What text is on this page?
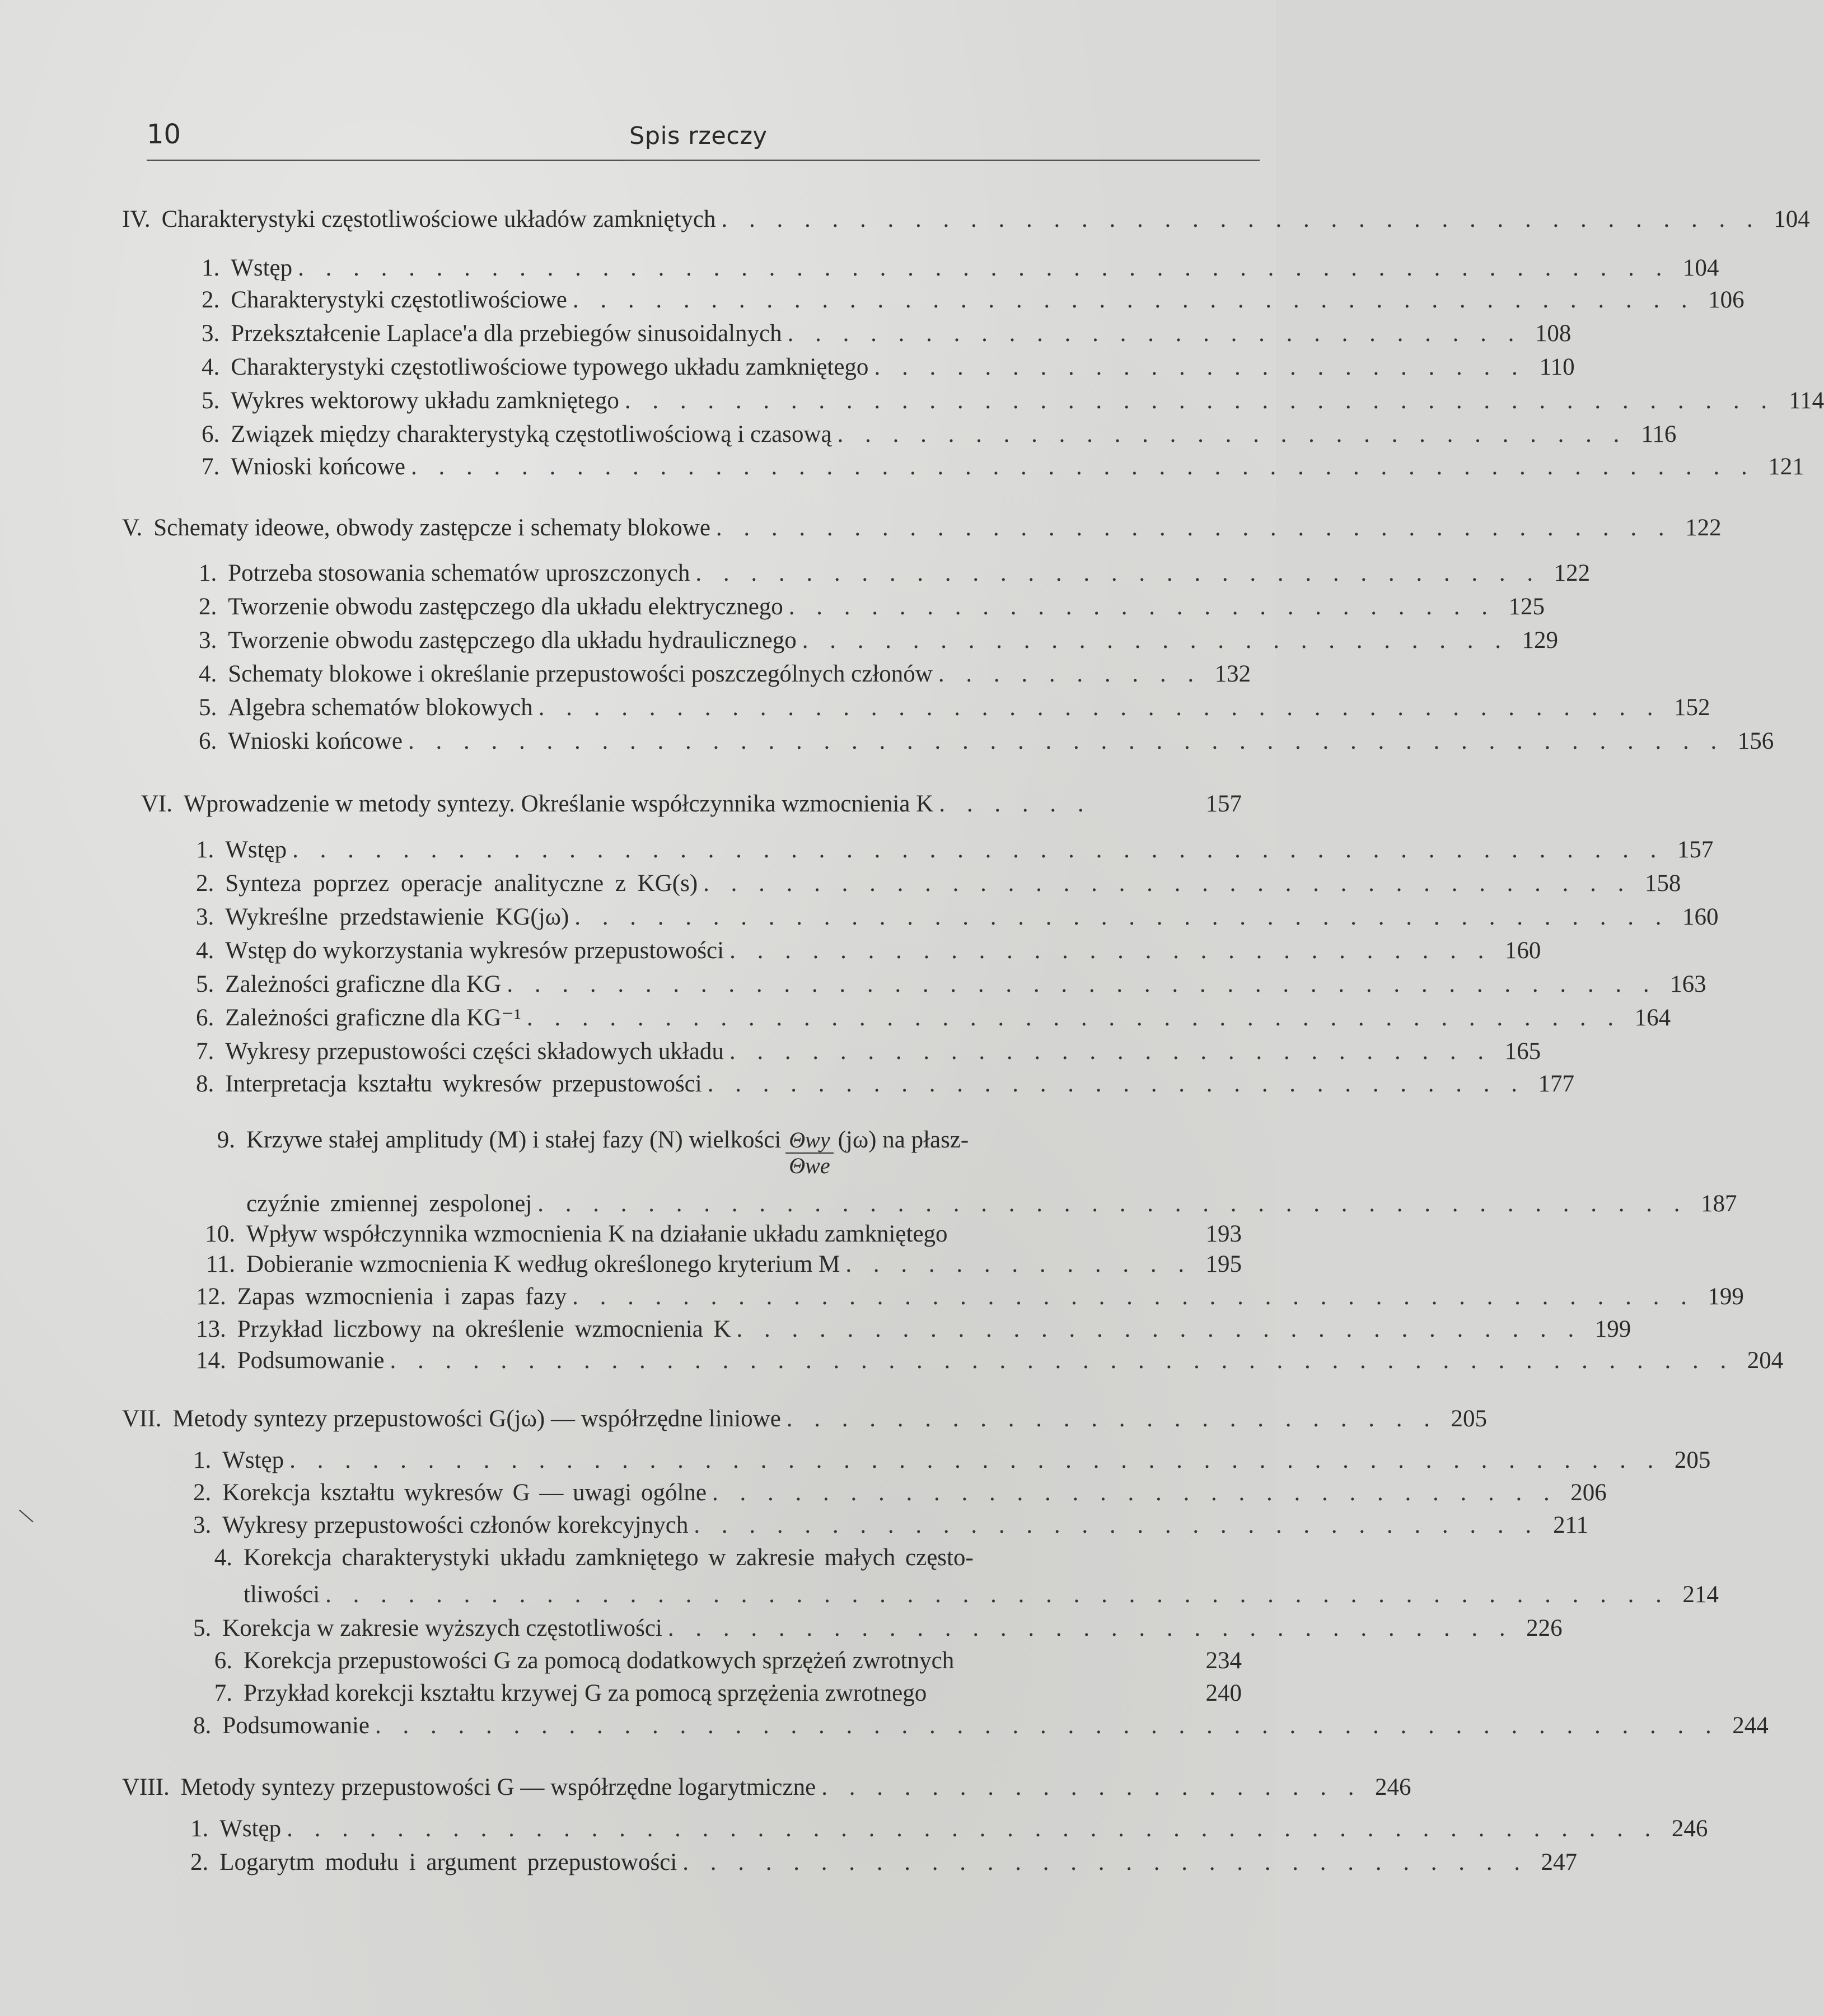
10	Spis rzeczy
IV. Charakterystyki częstotliwościowe układów zamkniętych . . . . . . . . . . . . . . . . . . . . . . . . . . . . . . . . . . . . . . 104
1. Wstęp . . . . . . . . . . . . . . . . . . . . . . . . . . . . . . . . . . . . . . . . . . . . . . . . . . 104
2. Charakterystyki częstotliwościowe . . . . . . . . . . . . . . . . . . . . . . . . . . . . . . . . . . . . . . . . . 106
3. Przekształcenie Laplace'a dla przebiegów sinusoidalnych . . . . . . . . . . . . . . . . . . . . . . . . . . . 108
4. Charakterystyki częstotliwościowe typowego układu zamkniętego . . . . . . . . . . . . . . . . . . . . . . . . 110
5. Wykres wektorowy układu zamkniętego . . . . . . . . . . . . . . . . . . . . . . . . . . . . . . . . . . . . . . . . . . 114
6. Związek między charakterystyką częstotliwościową i czasową . . . . . . . . . . . . . . . . . . . . . . . . . . . . . 116
7. Wnioski końcowe . . . . . . . . . . . . . . . . . . . . . . . . . . . . . . . . . . . . . . . . . . . . . . . . . 121
V. Schematy ideowe, obwody zastępcze i schematy blokowe . . . . . . . . . . . . . . . . . . . . . . . . . . . . . . . . . . . 122
1. Potrzeba stosowania schematów uproszczonych . . . . . . . . . . . . . . . . . . . . . . . . . . . . . . . 122
2. Tworzenie obwodu zastępczego dla układu elektrycznego . . . . . . . . . . . . . . . . . . . . . . . . . . 125
3. Tworzenie obwodu zastępczego dla układu hydraulicznego . . . . . . . . . . . . . . . . . . . . . . . . . . 129
4. Schematy blokowe i określanie przepustowości poszczególnych członów . . . . . . . . . . 132
5. Algebra schematów blokowych . . . . . . . . . . . . . . . . . . . . . . . . . . . . . . . . . . . . . . . . . 152
6. Wnioski końcowe . . . . . . . . . . . . . . . . . . . . . . . . . . . . . . . . . . . . . . . . . . . . . . . . 156
VI. Wprowadzenie w metody syntezy. Określanie współczynnika wzmocnienia K . . . . . .	157
1. Wstęp . . . . . . . . . . . . . . . . . . . . . . . . . . . . . . . . . . . . . . . . . . . . . . . . . . 157
2. Synteza poprzez operacje analityczne z KG(s) . . . . . . . . . . . . . . . . . . . . . . . . . . . . . . . . . . 158
3. Wykreślne przedstawienie KG(jω) . . . . . . . . . . . . . . . . . . . . . . . . . . . . . . . . . . . . . . . . 160
4. Wstęp do wykorzystania wykresów przepustowości . . . . . . . . . . . . . . . . . . . . . . . . . . . . 160
5. Zależności graficzne dla KG . . . . . . . . . . . . . . . . . . . . . . . . . . . . . . . . . . . . . . . . . . 163
6. Zależności graficzne dla KG⁻¹ . . . . . . . . . . . . . . . . . . . . . . . . . . . . . . . . . . . . . . . . 164
7. Wykresy przepustowości części składowych układu . . . . . . . . . . . . . . . . . . . . . . . . . . . . 165
8. Interpretacja kształtu wykresów przepustowości . . . . . . . . . . . . . . . . . . . . . . . . . . . . . . 177
9. Krzywe stałej amplitudy (M) i stałej fazy (N) wielkości $\frac{\text{Θwy}}{\text{Θwe}} (j\omega)$ na płasz-
czyźnie zmiennej zespolonej . . . . . . . . . . . . . . . . . . . . . . . . . . . . . . . . . . . . . . . . . . 187
10. Wpływ współczynnika wzmocnienia K na działanie układu zamkniętego	193
11. Dobieranie wzmocnienia K według określonego kryterium M . . . . . . . . . . . . . 195
12. Zapas wzmocnienia i zapas fazy . . . . . . . . . . . . . . . . . . . . . . . . . . . . . . . . . . . . . . . . . 199
13. Przykład liczbowy na określenie wzmocnienia K . . . . . . . . . . . . . . . . . . . . . . . . . . . . . . . 199
14. Podsumowanie . . . . . . . . . . . . . . . . . . . . . . . . . . . . . . . . . . . . . . . . . . . . . . . . . 204
VII. Metody syntezy przepustowości G(jω) — współrzędne liniowe . . . . . . . . . . . . . . . . . . . . . . . . 205
1. Wstęp . . . . . . . . . . . . . . . . . . . . . . . . . . . . . . . . . . . . . . . . . . . . . . . . . . 205
2. Korekcja kształtu wykresów G — uwagi ogólne . . . . . . . . . . . . . . . . . . . . . . . . . . . . . . . 206
3. Wykresy przepustowości członów korekcyjnych . . . . . . . . . . . . . . . . . . . . . . . . . . . . . . . 211
4. Korekcja charakterystyki układu zamkniętego w zakresie małych często-
tliwości . . . . . . . . . . . . . . . . . . . . . . . . . . . . . . . . . . . . . . . . . . . . . . . . . 214
5. Korekcja w zakresie wyższych częstotliwości . . . . . . . . . . . . . . . . . . . . . . . . . . . . . . . 226
6. Korekcja przepustowości G za pomocą dodatkowych sprzężeń zwrotnych	234
7. Przykład korekcji kształtu krzywej G za pomocą sprzężenia zwrotnego	240
8. Podsumowanie . . . . . . . . . . . . . . . . . . . . . . . . . . . . . . . . . . . . . . . . . . . . . . . . . 244
VIII. Metody syntezy przepustowości G — współrzędne logarytmiczne . . . . . . . . . . . . . . . . . . . . 246
1. Wstęp . . . . . . . . . . . . . . . . . . . . . . . . . . . . . . . . . . . . . . . . . . . . . . . . . . 246
2. Logarytm modułu i argument przepustowości . . . . . . . . . . . . . . . . . . . . . . . . . . . . . . . 247
\
